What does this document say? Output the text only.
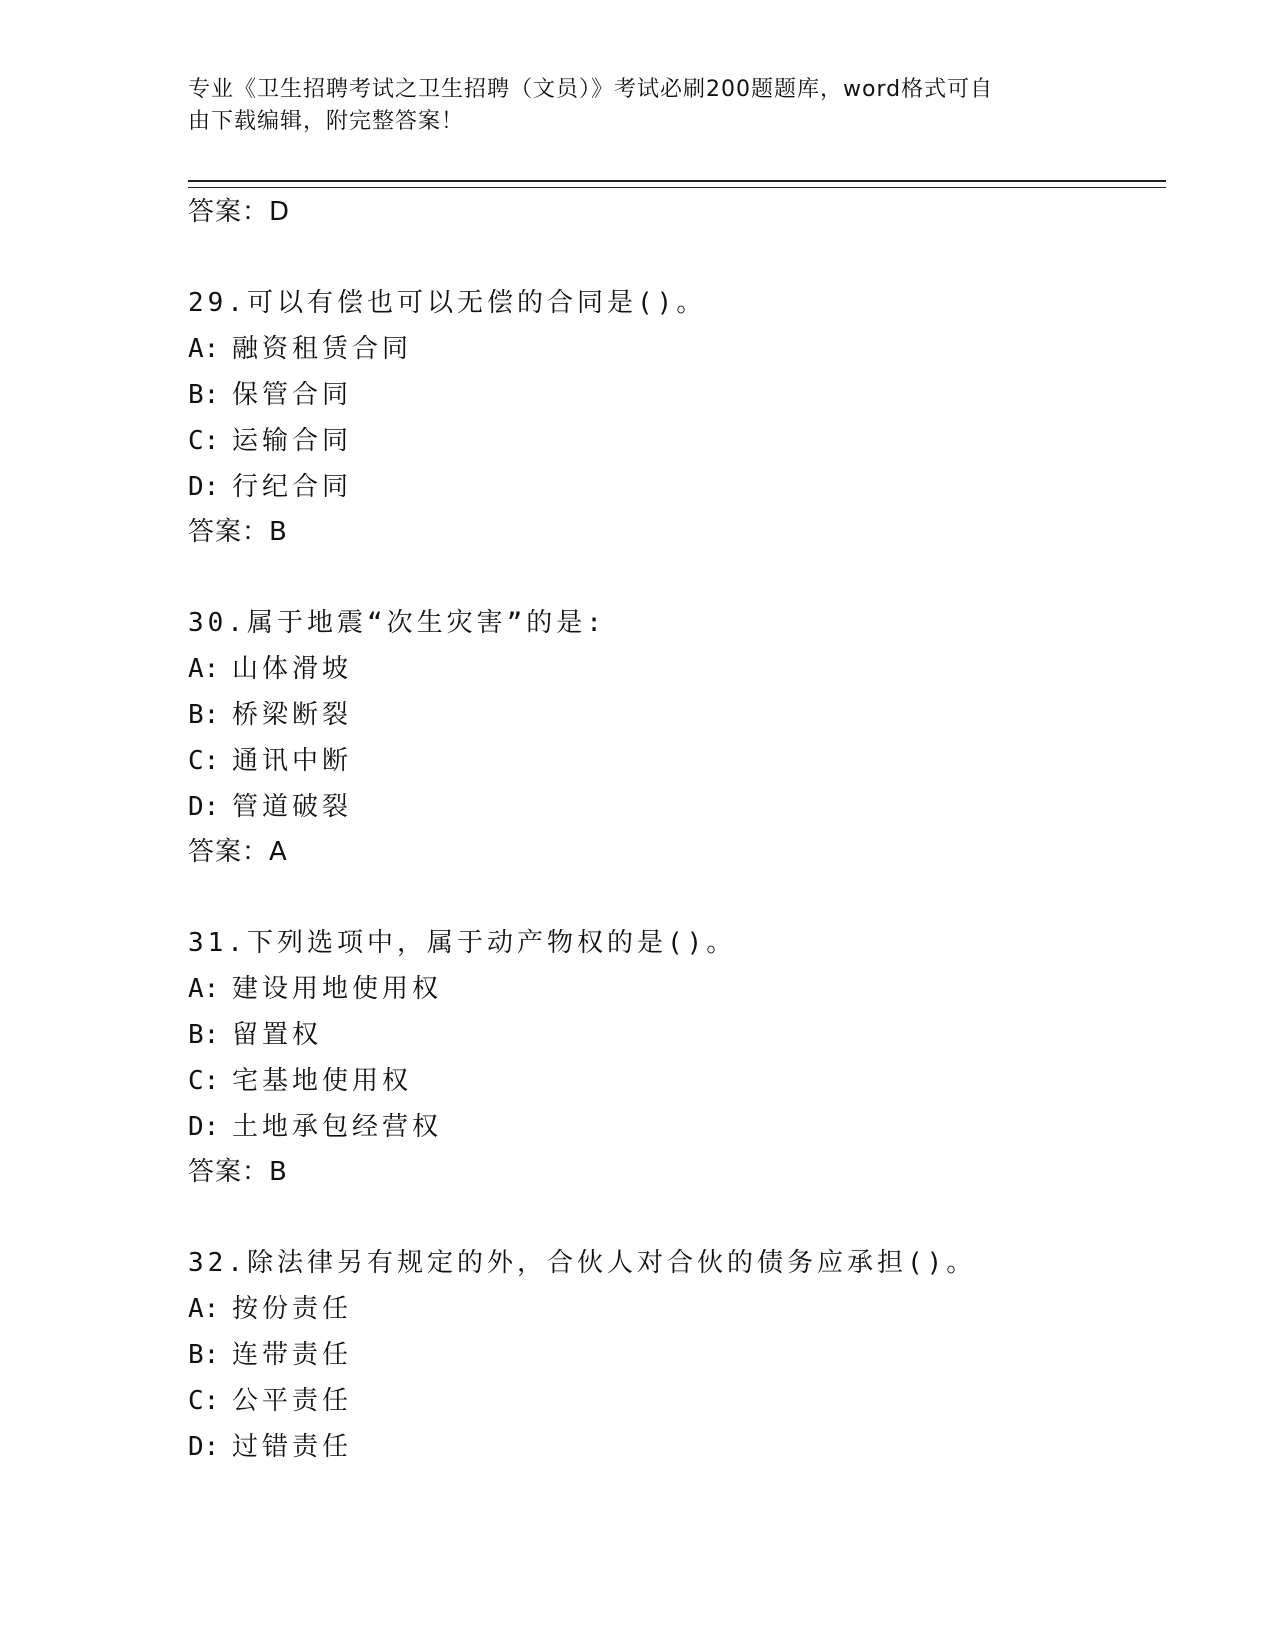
专业《卫生招聘考试之卫生招聘（文员）》考试必刷200题题库，word格式可自
由下载编辑，附完整答案！
答案：D
29.可以有偿也可以无偿的合同是()。
A: 融资租赁合同
B: 保管合同
C: 运输合同
D: 行纪合同
答案：B
30.属于地震“次生灾害”的是:
A: 山体滑坡
B: 桥梁断裂
C: 通讯中断
D: 管道破裂
答案：A
31.下列选项中，属于动产物权的是()。
A: 建设用地使用权
B: 留置权
C: 宅基地使用权
D: 土地承包经营权
答案：B
32.除法律另有规定的外，合伙人对合伙的债务应承担()。
A: 按份责任
B: 连带责任
C: 公平责任
D: 过错责任
